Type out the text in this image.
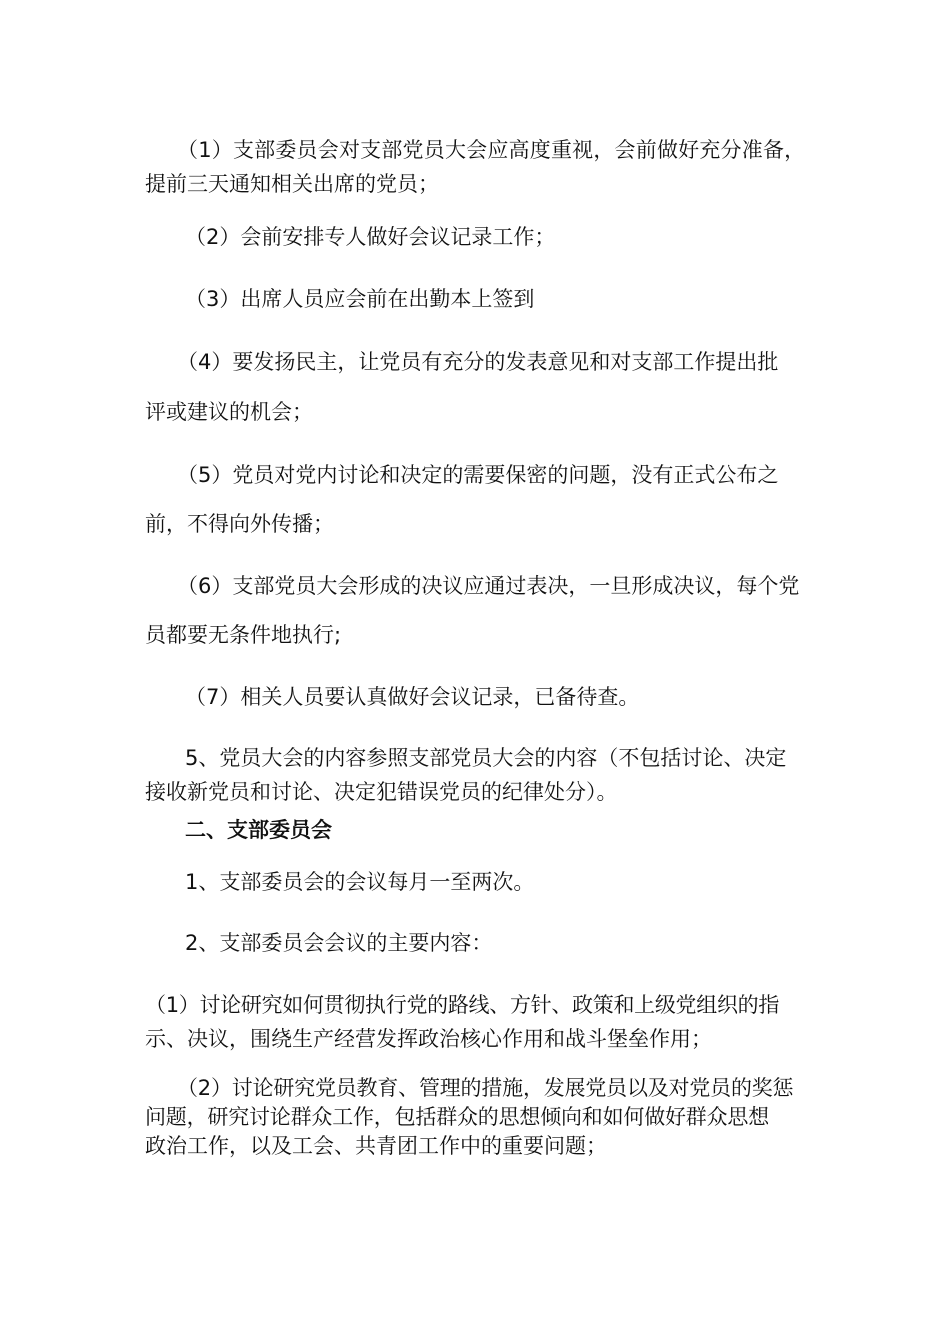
（1）支部委员会对支部党员大会应高度重视，会前做好充分准备，
提前三天通知相关出席的党员；

（2）会前安排专人做好会议记录工作；

（3）出席人员应会前在出勤本上签到

（4）要发扬民主，让党员有充分的发表意见和对支部工作提出批

评或建议的机会；

（5）党员对党内讨论和决定的需要保密的问题，没有正式公布之

前，不得向外传播；

（6）支部党员大会形成的决议应通过表决，一旦形成决议，每个党

员都要无条件地执行;

（7）相关人员要认真做好会议记录，已备待查。

5、党员大会的内容参照支部党员大会的内容（不包括讨论、决定
接收新党员和讨论、决定犯错误党员的纪律处分）。

二、支部委员会

1、支部委员会的会议每月一至两次。

2、支部委员会会议的主要内容：

（1）讨论研究如何贯彻执行党的路线、方针、政策和上级党组织的指
示、决议，围绕生产经营发挥政治核心作用和战斗堡垒作用；

（2）讨论研究党员教育、管理的措施，发展党员以及对党员的奖惩
问题，研究讨论群众工作，包括群众的思想倾向和如何做好群众思想
政治工作，以及工会、共青团工作中的重要问题；
